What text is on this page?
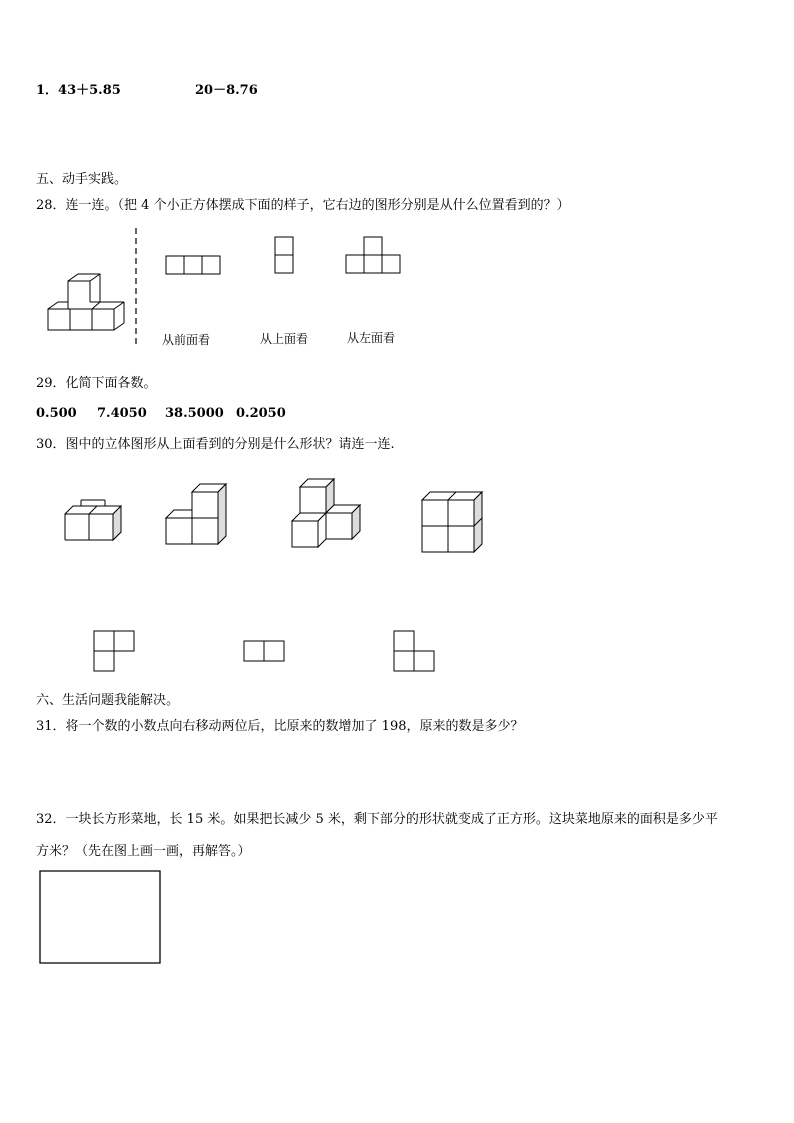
1．43＋5.85	20－8.76
五、动手实践。
28．连一连。（把 4 个小正方体摆成下面的样子，它右边的图形分别是从什么位置看到的？）
从前面看	从上面看	从左面看
29．化简下面各数。
0.500 7.4050 38.5000 0.2050
30．图中的立体图形从上面看到的分别是什么形状？请连一连.
六、生活问题我能解决。
31．将一个数的小数点向右移动两位后，比原来的数增加了 198，原来的数是多少？
32．一块长方形菜地，长 15 米。如果把长减少 5 米，剩下部分的形状就变成了正方形。这块菜地原来的面积是多少平
方米？（先在图上画一画，再解答。）
